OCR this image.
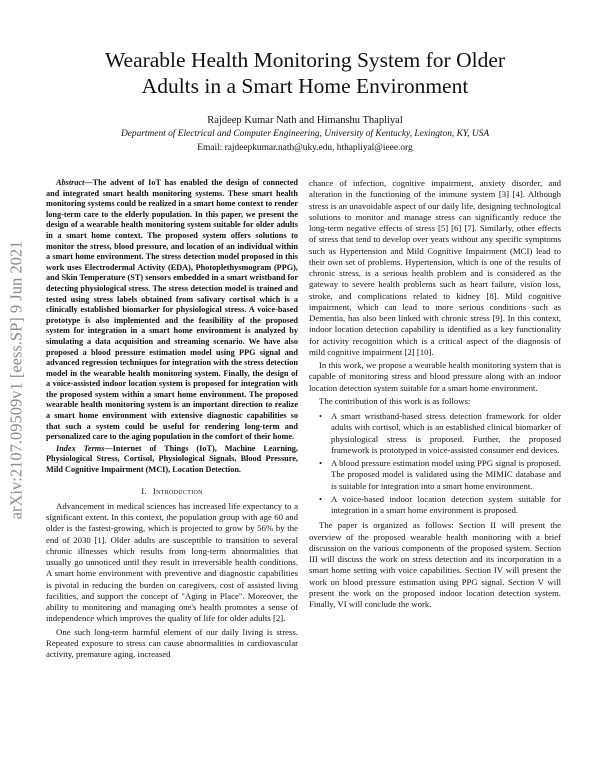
arXiv:2107.09509v1 [eess.SP] 9 Jun 2021
Wearable Health Monitoring System for Older
Adults in a Smart Home Environment
Rajdeep Kumar Nath and Himanshu Thapliyal
Department of Electrical and Computer Engineering, University of Kentucky, Lexington, KY, USA
Email: rajdeepkumar.nath@uky.edu, hthapliyal@ieee.org

Abstract—The advent of IoT has enabled the design of connected and integrated smart health monitoring systems. These smart health monitoring systems could be realized in a smart home context to render long-term care to the elderly population. In this paper, we present the design of a wearable health monitoring system suitable for older adults in a smart home context. The proposed system offers solutions to monitor the stress, blood pressure, and location of an individual within a smart home environment. The stress detection model proposed in this work uses Electrodermal Activity (EDA), Photoplethysmogram (PPG), and Skin Temperature (ST) sensors embedded in a smart wristband for detecting physiological stress. The stress detection model is trained and tested using stress labels obtained from salivary cortisol which is a clinically established biomarker for physiological stress. A voice-based prototype is also implemented and the feasibility of the proposed system for integration in a smart home environment is analyzed by simulating a data acquisition and streaming scenario. We have also proposed a blood pressure estimation model using PPG signal and advanced regression techniques for integration with the stress detection model in the wearable health monitoring system. Finally, the design of a voice-assisted indoor location system is proposed for integration with the proposed system within a smart home environment. The proposed wearable health monitoring system is an important direction to realize a smart home environment with extensive diagnostic capabilities so that such a system could be useful for rendering long-term and personalized care to the aging population in the comfort of their home.

Index Terms—Internet of Things (IoT), Machine Learning, Physiological Stress, Cortisol, Physiological Signals, Blood Pressure, Mild Cognitive Impairment (MCI), Location Detection.

I. Introduction

Advancement in medical sciences has increased life expectancy to a significant extent. In this context, the population group with age 60 and older is the fastest-growing, which is projected to grow by 56% by the end of 2030 [1]. Older adults are susceptible to transition to several chronic illnesses which results from long-term abnormalities that usually go unnoticed until they result in irreversible health conditions. A smart home environment with preventive and diagnostic capabilities is pivotal in reducing the burden on caregivers, cost of assisted living facilities, and support the concept of "Aging in Place". Moreover, the ability to monitoring and managing one's health promotes a sense of independence which improves the quality of life for older adults [2].

One such long-term harmful element of our daily living is stress. Repeated exposure to stress can cause abnormalities in cardiovascular activity, premature aging, increased

chance of infection, cognitive impairment, anxiety disorder, and alteration in the functioning of the immune system [3] [4]. Although stress is an unavoidable aspect of our daily life, designing technological solutions to monitor and manage stress can significantly reduce the long-term negative effects of stress [5] [6] [7]. Similarly, other effects of stress that tend to develop over years without any specific symptoms such as Hypertension and Mild Cognitive Impairment (MCI) lead to their own set of problems. Hypertension, which is one of the results of chronic stress, is a serious health problem and is considered as the gateway to severe health problems such as heart failure, vision loss, stroke, and complications related to kidney [8]. Mild cognitive impairment, which can lead to more serious conditions such as Dementia, has also been linked with chronic stress [9]. In this context, indoor location detection capability is identified as a key functionality for activity recognition which is a critical aspect of the diagnosis of mild cognitive impairment [2] [10].

In this work, we propose a wearable health monitoring system that is capable of monitoring stress and blood pressure along with an indoor location detection system suitable for a smart home environment.

The contribution of this work is as follows:

• A smart wristband-based stress detection framework for older adults with cortisol, which is an established clinical biomarker of physiological stress is proposed. Further, the proposed framework is prototyped in voice-assisted consumer end devices.
• A blood pressure estimation model using PPG signal is proposed. The proposed model is validated using the MIMIC database and is suitable for integration into a smart home environment.
• A voice-based indoor location detection system suitable for integration in a smart home environment is proposed.

The paper is organized as follows: Section II will present the overview of the proposed wearable health monitoring with a brief discussion on the various components of the proposed system. Section III will discuss the work on stress detection and its incorporation in a smart home setting with voice capabilities. Section IV will present the work on blood pressure estimation using PPG signal. Section V will present the work on the proposed indoor location detection system. Finally, VI will conclude the work.
